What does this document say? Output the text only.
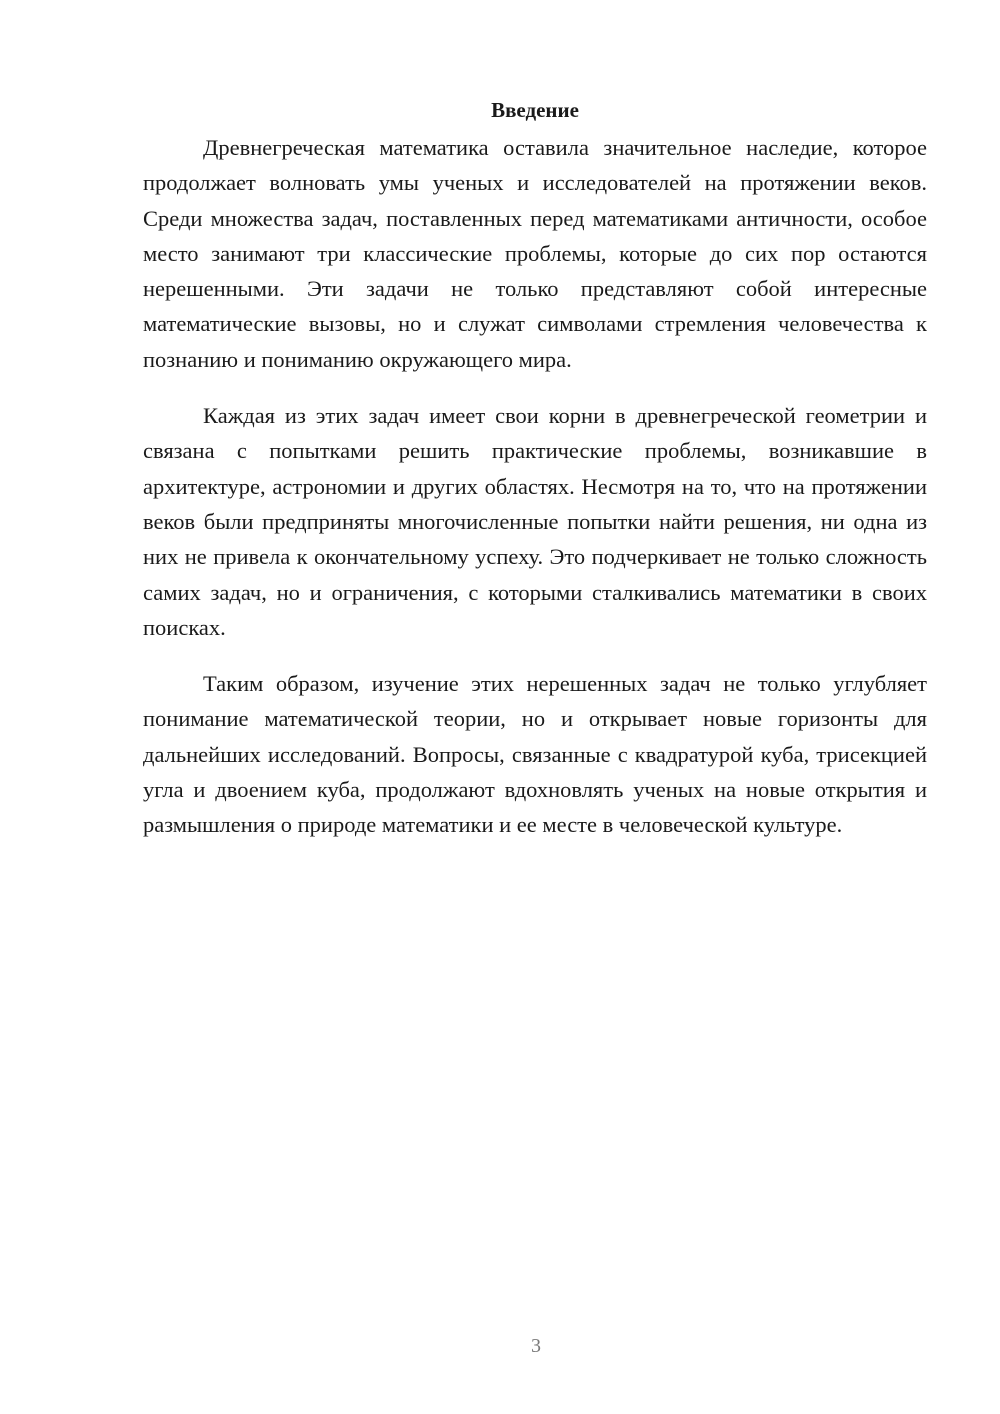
Введение

Древнегреческая математика оставила значительное наследие, которое продолжает волновать умы ученых и исследователей на протяжении веков. Среди множества задач, поставленных перед математиками античности, особое место занимают три классические проблемы, которые до сих пор остаются нерешенными. Эти задачи не только представляют собой интересные математические вызовы, но и служат символами стремления человечества к познанию и пониманию окружающего мира.

Каждая из этих задач имеет свои корни в древнегреческой геометрии и связана с попытками решить практические проблемы, возникавшие в архитектуре, астрономии и других областях. Несмотря на то, что на протяжении веков были предприняты многочисленные попытки найти решения, ни одна из них не привела к окончательному успеху. Это подчеркивает не только сложность самих задач, но и ограничения, с которыми сталкивались математики в своих поисках.

Таким образом, изучение этих нерешенных задач не только углубляет понимание математической теории, но и открывает новые горизонты для дальнейших исследований. Вопросы, связанные с квадратурой куба, трисекцией угла и двоением куба, продолжают вдохновлять ученых на новые открытия и размышления о природе математики и ее месте в человеческой культуре.

3
